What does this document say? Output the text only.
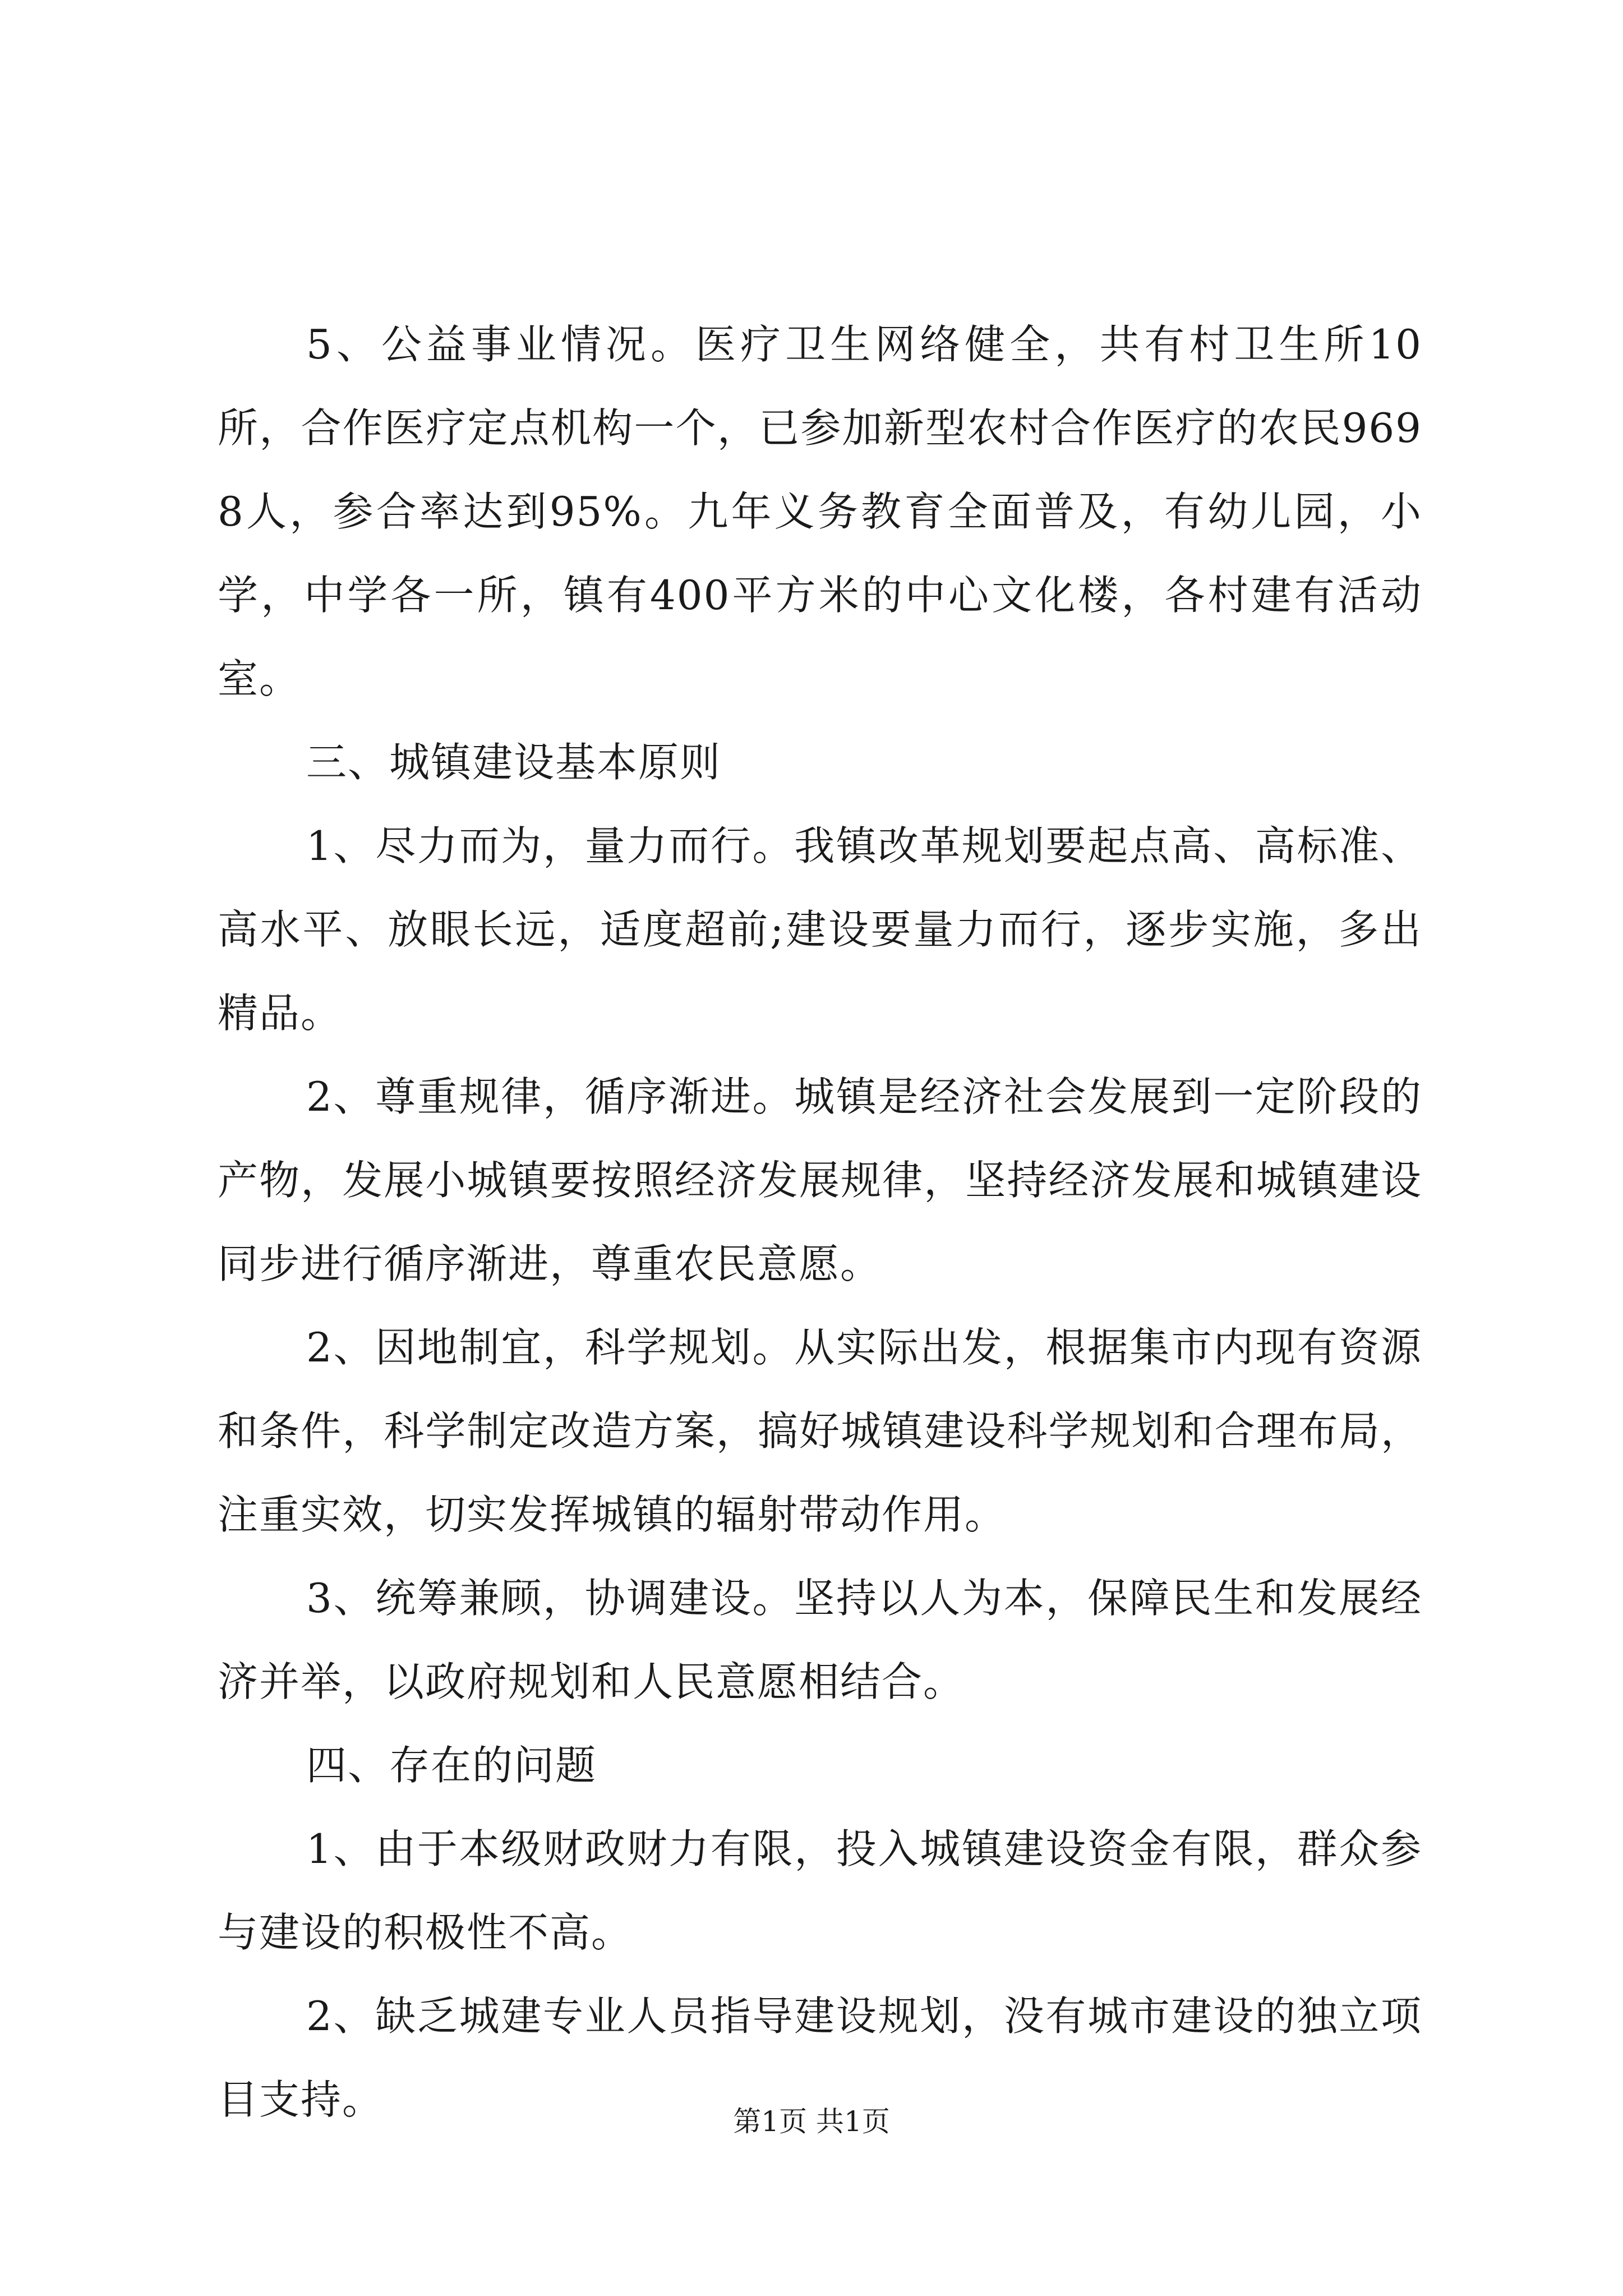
5、公益事业情况。医疗卫生网络健全，共有村卫生所10所，合作医疗定点机构一个，已参加新型农村合作医疗的农民9698人，参合率达到95%。九年义务教育全面普及，有幼儿园，小学，中学各一所，镇有400平方米的中心文化楼，各村建有活动室。

三、城镇建设基本原则

1、尽力而为，量力而行。我镇改革规划要起点高、高标准、高水平、放眼长远，适度超前;建设要量力而行，逐步实施，多出精品。

2、尊重规律，循序渐进。城镇是经济社会发展到一定阶段的产物，发展小城镇要按照经济发展规律，坚持经济发展和城镇建设同步进行循序渐进，尊重农民意愿。

2、因地制宜，科学规划。从实际出发，根据集市内现有资源和条件，科学制定改造方案，搞好城镇建设科学规划和合理布局，注重实效，切实发挥城镇的辐射带动作用。

3、统筹兼顾，协调建设。坚持以人为本，保障民生和发展经济并举，以政府规划和人民意愿相结合。

四、存在的问题

1、由于本级财政财力有限，投入城镇建设资金有限，群众参与建设的积极性不高。

2、缺乏城建专业人员指导建设规划，没有城市建设的独立项目支持。	第1页 共1页
